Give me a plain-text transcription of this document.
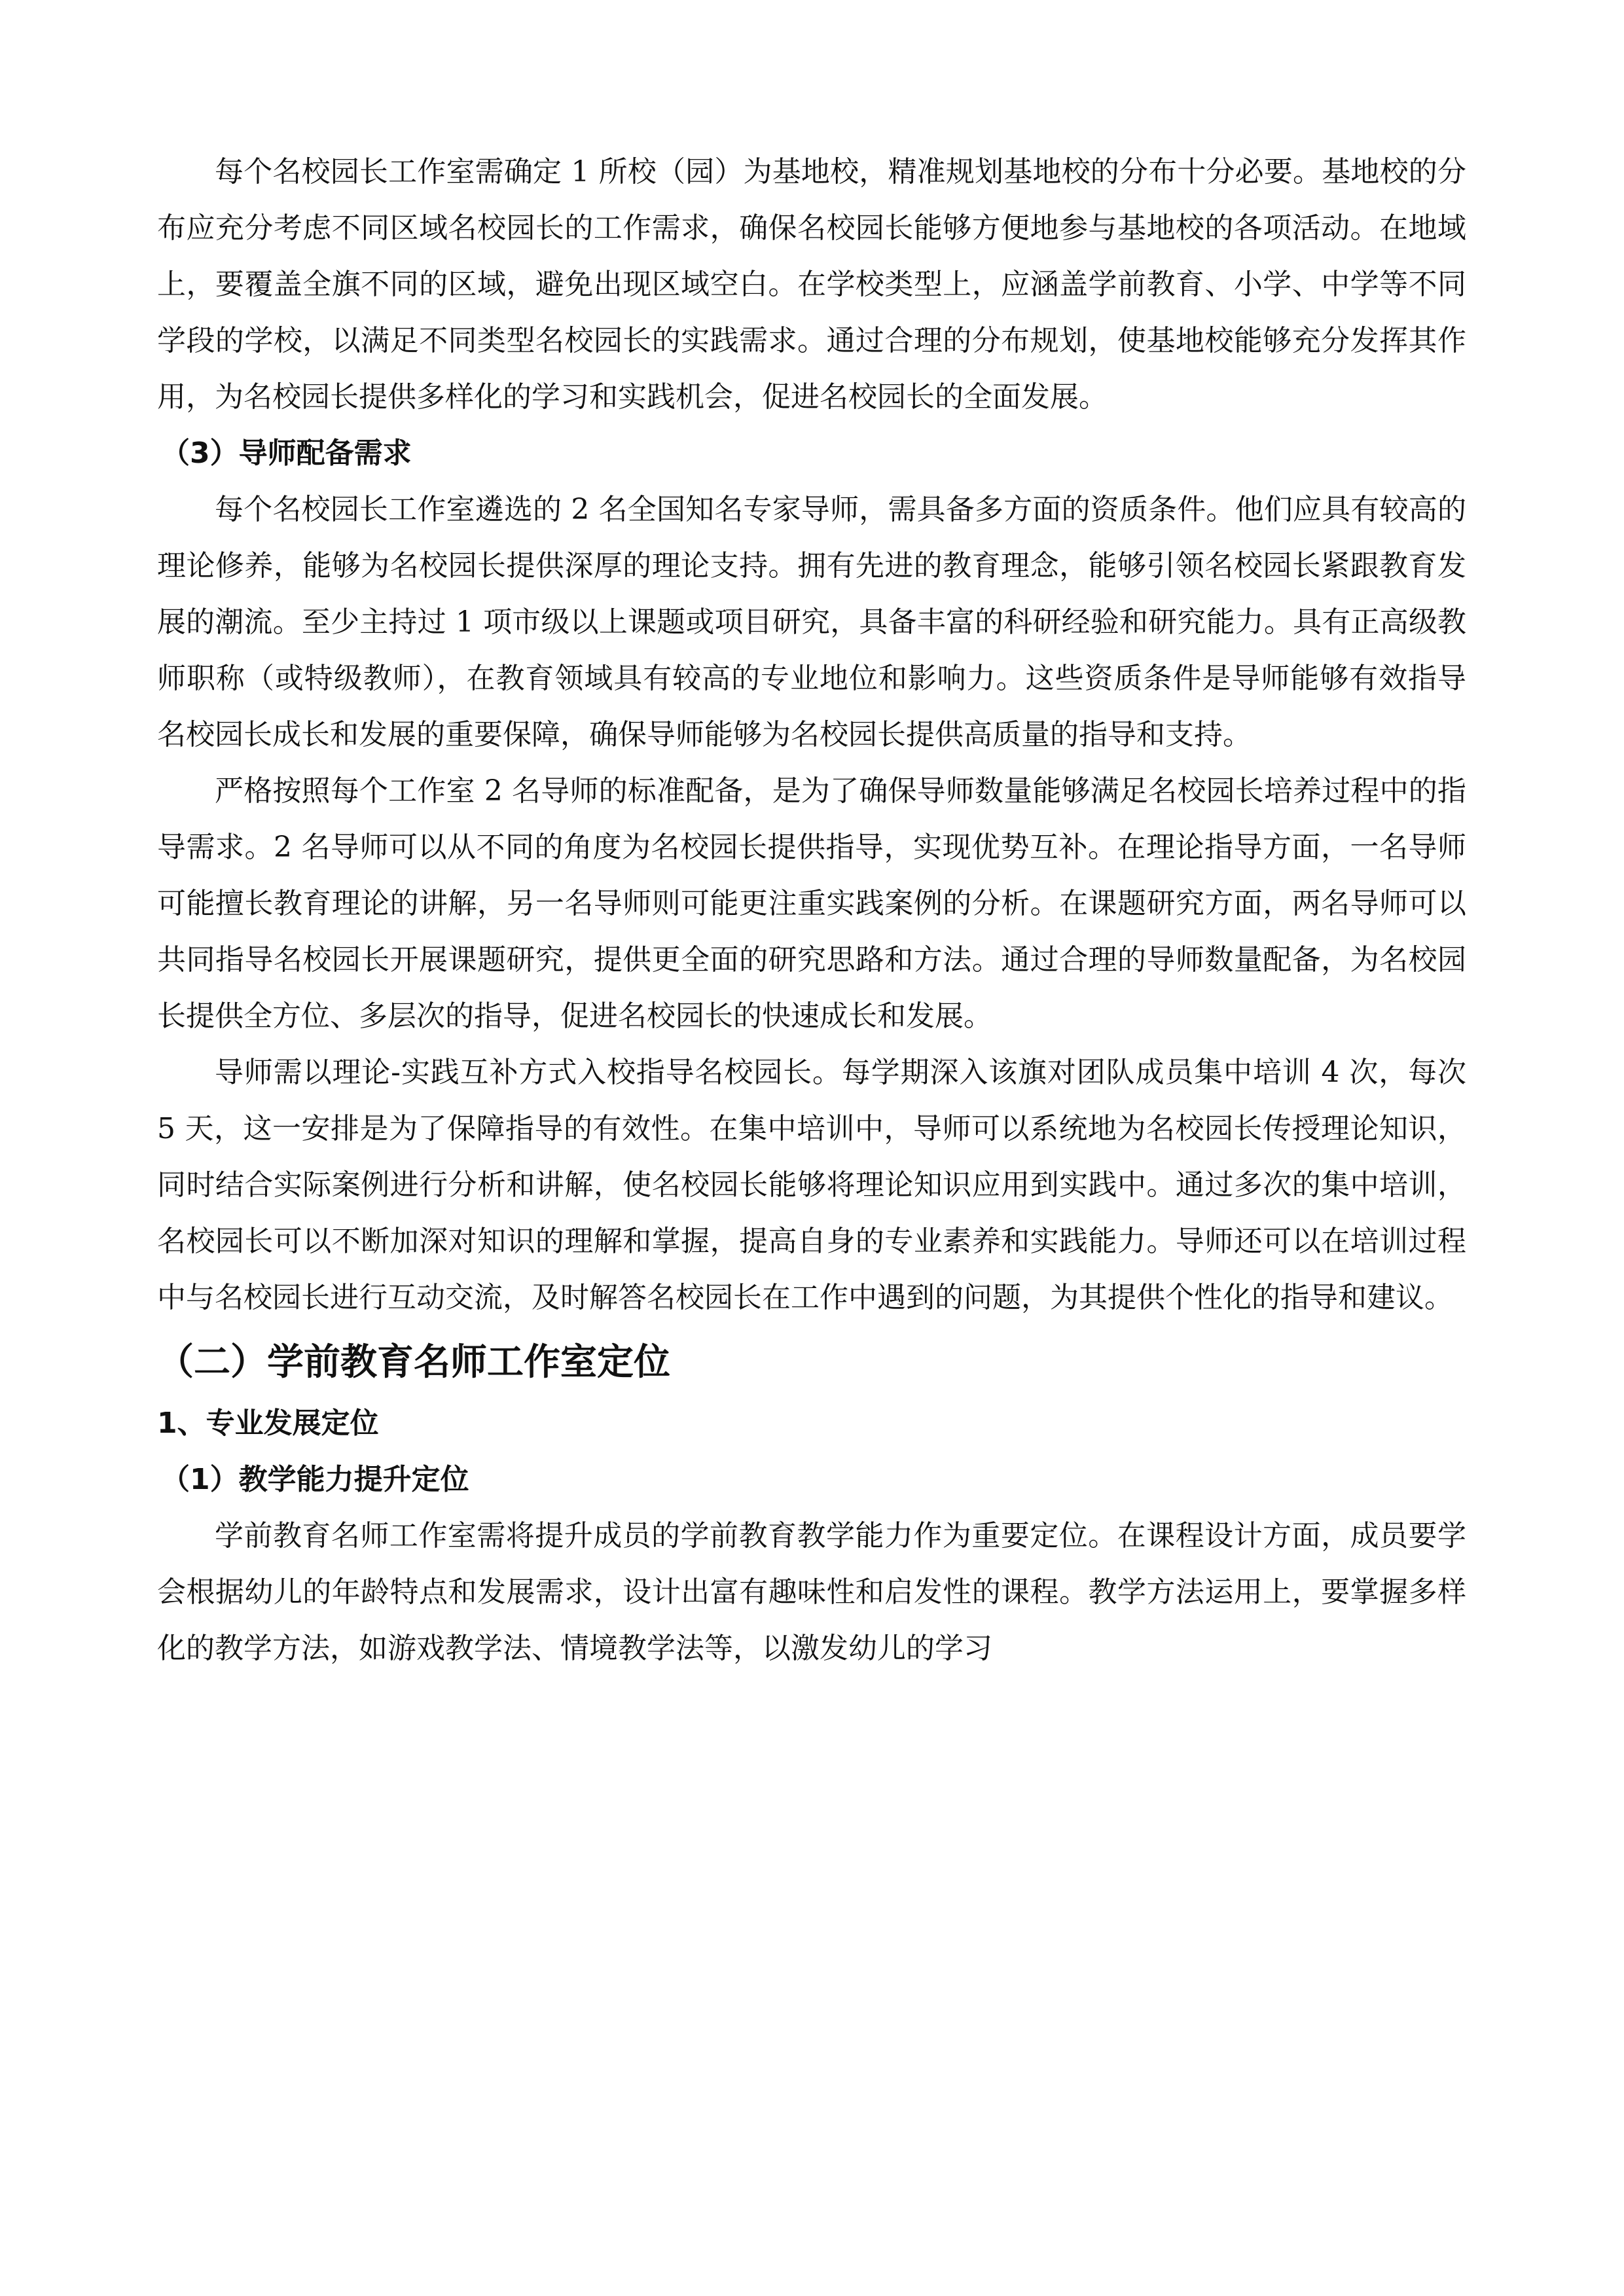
每个名校园长工作室需确定 1 所校（园）为基地校，精准规划基地校的分布十分必要。基地校的分布应充分考虑不同区域名校园长的工作需求，确保名校园长能够方便地参与基地校的各项活动。在地域上，要覆盖全旗不同的区域，避免出现区域空白。在学校类型上，应涵盖学前教育、小学、中学等不同学段的学校，以满足不同类型名校园长的实践需求。通过合理的分布规划，使基地校能够充分发挥其作用，为名校园长提供多样化的学习和实践机会，促进名校园长的全面发展。

（3）导师配备需求

每个名校园长工作室遴选的 2 名全国知名专家导师，需具备多方面的资质条件。他们应具有较高的理论修养，能够为名校园长提供深厚的理论支持。拥有先进的教育理念，能够引领名校园长紧跟教育发展的潮流。至少主持过 1 项市级以上课题或项目研究，具备丰富的科研经验和研究能力。具有正高级教师职称（或特级教师），在教育领域具有较高的专业地位和影响力。这些资质条件是导师能够有效指导名校园长成长和发展的重要保障，确保导师能够为名校园长提供高质量的指导和支持。

严格按照每个工作室 2 名导师的标准配备，是为了确保导师数量能够满足名校园长培养过程中的指导需求。2 名导师可以从不同的角度为名校园长提供指导，实现优势互补。在理论指导方面，一名导师可能擅长教育理论的讲解，另一名导师则可能更注重实践案例的分析。在课题研究方面，两名导师可以共同指导名校园长开展课题研究，提供更全面的研究思路和方法。通过合理的导师数量配备，为名校园长提供全方位、多层次的指导，促进名校园长的快速成长和发展。

导师需以理论-实践互补方式入校指导名校园长。每学期深入该旗对团队成员集中培训 4 次，每次 5 天，这一安排是为了保障指导的有效性。在集中培训中，导师可以系统地为名校园长传授理论知识，同时结合实际案例进行分析和讲解，使名校园长能够将理论知识应用到实践中。通过多次的集中培训，名校园长可以不断加深对知识的理解和掌握，提高自身的专业素养和实践能力。导师还可以在培训过程中与名校园长进行互动交流，及时解答名校园长在工作中遇到的问题，为其提供个性化的指导和建议。

（二）学前教育名师工作室定位

1、专业发展定位

（1）教学能力提升定位

学前教育名师工作室需将提升成员的学前教育教学能力作为重要定位。在课程设计方面，成员要学会根据幼儿的年龄特点和发展需求，设计出富有趣味性和启发性的课程。教学方法运用上，要掌握多样化的教学方法，如游戏教学法、情境教学法等，以激发幼儿的学习
